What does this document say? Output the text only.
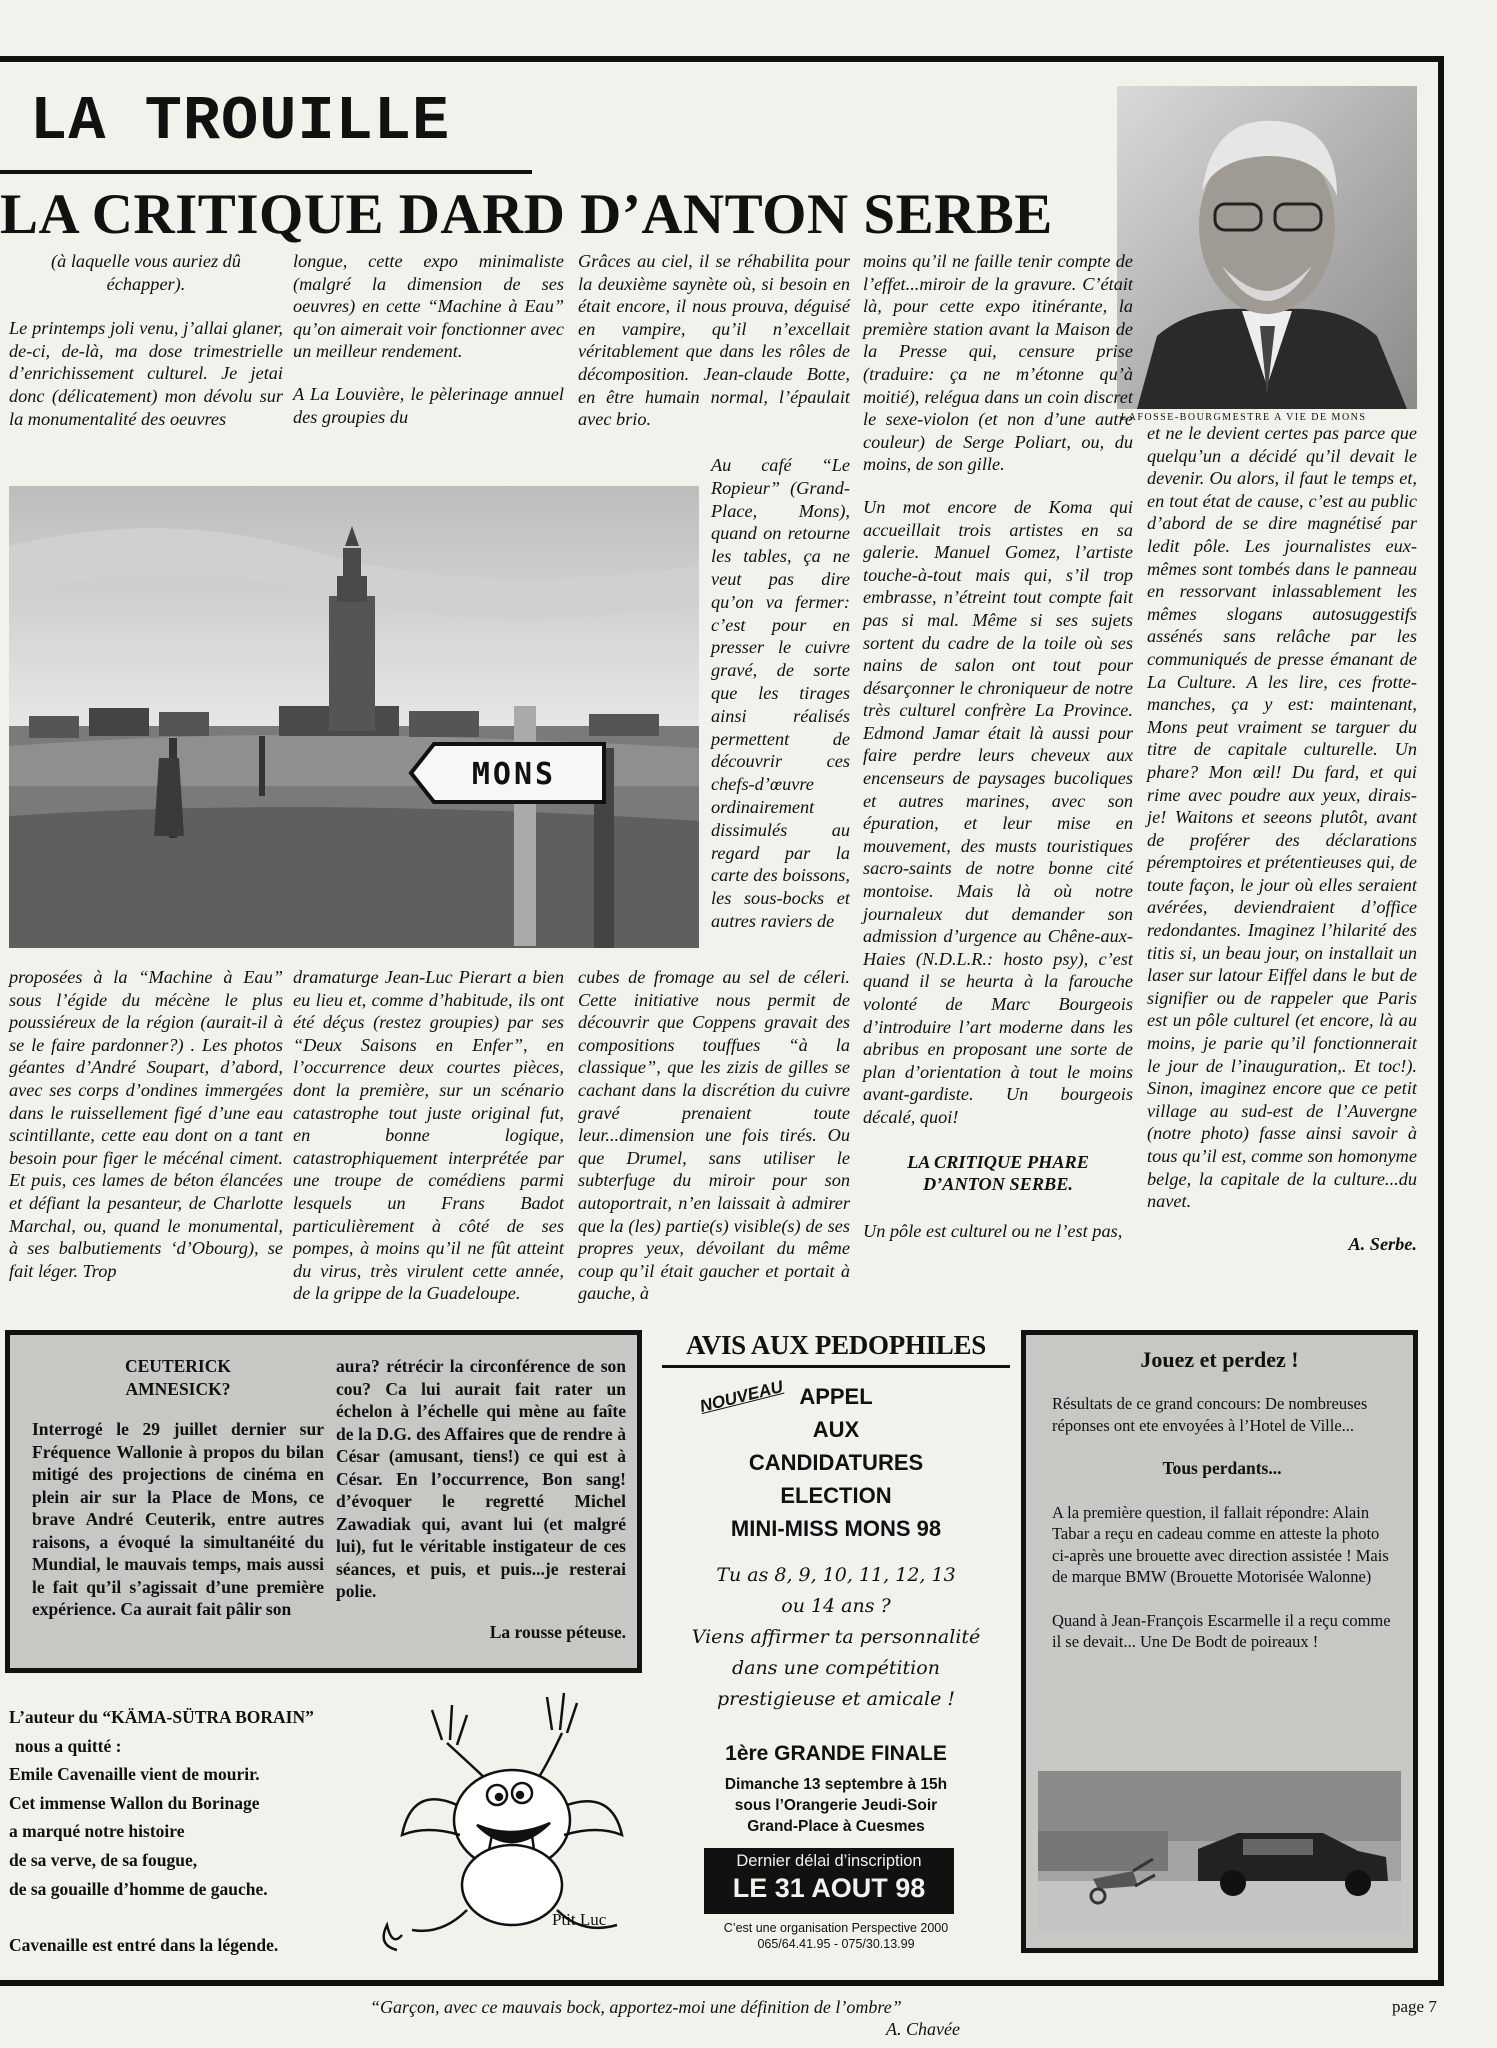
LA TROUILLE
LA CRITIQUE DARD D’ANTON SERBE
LAFOSSE-BOURGMESTRE A VIE DE MONS

(à laquelle vous auriez dû échapper).

Le printemps joli venu, j’allai glaner, de-ci, de-là, ma dose trimestrielle d’enrichissement culturel. Je jetai donc (délicatement) mon dévolu sur la monumentalité des oeuvres

longue, cette expo minimaliste (malgré la dimension de ses oeuvres) en cette “Machine à Eau” qu’on aimerait voir fonctionner avec un meilleur rendement.

A La Louvière, le pèlerinage annuel des groupies du

Grâces au ciel, il se réhabilita pour la deuxième saynète où, si besoin en était encore, il nous prouva, déguisé en vampire, qu’il n’excellait véritablement que dans les rôles de décomposition. Jean-claude Botte, en être humain normal, l’épaulait avec brio.

Au café “Le Ropieur” (Grand-Place, Mons), quand on retourne les tables, ça ne veut pas dire qu’on va fermer: c’est pour en presser le cuivre gravé, de sorte que les tirages ainsi réalisés permettent de découvrir ces chefs-d’œuvre ordinairement dissimulés au regard par la carte des boissons, les sous-bocks et autres raviers de

moins qu’il ne faille tenir compte de l’effet...miroir de la gravure. C’était là, pour cette expo itinérante, la première station avant la Maison de la Presse qui, censure prise (traduire: ça ne m’étonne qu’à moitié), relégua dans un coin discret le sexe-violon (et non d’une autre couleur) de Serge Poliart, ou, du moins, de son gille.

Un mot encore de Koma qui accueillait trois artistes en sa galerie. Manuel Gomez, l’artiste touche-à-tout mais qui, s’il trop embrasse, n’étreint tout compte fait pas si mal. Même si ses sujets sortent du cadre de la toile où ses nains de salon ont tout pour désarçonner le chroniqueur de notre très culturel confrère La Province. Edmond Jamar était là aussi pour faire perdre leurs cheveux aux encenseurs de paysages bucoliques et autres marines, avec son épuration, et leur mise en mouvement, des musts touristiques sacro-saints de notre bonne cité montoise. Mais là où notre journaleux dut demander son admission d’urgence au Chêne-aux-Haies (N.D.L.R.: hosto psy), c’est quand il se heurta à la farouche volonté de Marc Bourgeois d’introduire l’art moderne dans les abribus en proposant une sorte de plan d’orientation à tout le moins avant-gardiste. Un bourgeois décalé, quoi!

LA CRITIQUE PHARE D’ANTON SERBE.

Un pôle est culturel ou ne l’est pas,

et ne le devient certes pas parce que quelqu’un a décidé qu’il devait le devenir. Ou alors, il faut le temps et, en tout état de cause, c’est au public d’abord de se dire magnétisé par ledit pôle. Les journalistes eux-mêmes sont tombés dans le panneau en ressorvant inlassablement les mêmes slogans autosuggestifs assénés sans relâche par les communiqués de presse émanant de La Culture. A les lire, ces frotte-manches, ça y est: maintenant, Mons peut vraiment se targuer du titre de capitale culturelle. Un phare? Mon œil! Du fard, et qui rime avec poudre aux yeux, dirais-je! Waitons et seeons plutôt, avant de proférer des déclarations péremptoires et prétentieuses qui, de toute façon, le jour où elles seraient avérées, deviendraient d’office redondantes. Imaginez l’hilarité des titis si, un beau jour, on installait un laser sur latour Eiffel dans le but de signifier ou de rappeler que Paris est un pôle culturel (et encore, là au moins, je parie qu’il fonctionnerait le jour de l’inauguration,. Et toc!). Sinon, imaginez encore que ce petit village au sud-est de l’Auvergne (notre photo) fasse ainsi savoir à tous qu’il est, comme son homonyme belge, la capitale de la culture...du navet.

A. Serbe.

MONS

proposées à la “Machine à Eau” sous l’égide du mécène le plus poussiéreux de la région (aurait-il à se le faire pardonner?) . Les photos géantes d’André Soupart, d’abord, avec ses corps d’ondines immergées dans le ruissellement figé d’une eau scintillante, cette eau dont on a tant besoin pour figer le mécénal ciment. Et puis, ces lames de béton élancées et défiant la pesanteur, de Charlotte Marchal, ou, quand le monumental, à ses balbutiements ‘d’Obourg), se fait léger. Trop

dramaturge Jean-Luc Pierart a bien eu lieu et, comme d’habitude, ils ont été déçus (restez groupies) par ses “Deux Saisons en Enfer”, en l’occurrence deux courtes pièces, dont la première, sur un scénario catastrophe tout juste original fut, en bonne logique, catastrophiquement interprétée par une troupe de comédiens parmi lesquels un Frans Badot particulièrement à côté de ses pompes, à moins qu’il ne fût atteint du virus, très virulent cette année, de la grippe de la Guadeloupe.

cubes de fromage au sel de céleri. Cette initiative nous permit de découvrir que Coppens gravait des compositions touffues “à la classique”, que les zizis de gilles se cachant dans la discrétion du cuivre gravé prenaient toute leur...dimension une fois tirés. Ou que Drumel, sans utiliser le subterfuge du miroir pour son autoportrait, n’en laissait à admirer que la (les) partie(s) visible(s) de ses propres yeux, dévoilant du même coup qu’il était gaucher et portait à gauche, à

CEUTERICK AMNESICK?

Interrogé le 29 juillet dernier sur Fréquence Wallonie à propos du bilan mitigé des projections de cinéma en plein air sur la Place de Mons, ce brave André Ceuterik, entre autres raisons, a évoqué la simultanéité du Mundial, le mauvais temps, mais aussi le fait qu’il s’agissait d’une première expérience. Ca aurait fait pâlir son

aura? rétrécir la circonférence de son cou? Ca lui aurait fait rater un échelon à l’échelle qui mène au faîte de la D.G. des Affaires que de rendre à César (amusant, tiens!) ce qui est à César. En l’occurrence, Bon sang! d’évoquer le regretté Michel Zawadiak qui, avant lui (et malgré lui), fut le véritable instigateur de ces séances, et puis, et puis...je resterai polie.

La rousse péteuse.

L’auteur du “KÄMA-SÜTRA BORAIN”
nous a quitté :
Emile Cavenaille vient de mourir.
Cet immense Wallon du Borinage
a marqué notre histoire
de sa verve, de sa fougue,
de sa gouaille d’homme de gauche.
Cavenaille est entré dans la légende.
Ptit Luc
AVIS AUX PEDOPHILES
NOUVEAU APPEL
AUX
CANDIDATURES
ELECTION
MINI-MISS MONS 98
Tu as 8, 9, 10, 11, 12, 13
ou 14 ans ?
Viens affirmer ta personnalité
dans une compétition
prestigieuse et amicale !
1ère GRANDE FINALE
Dimanche 13 septembre à 15h
sous l’Orangerie Jeudi-Soir
Grand-Place à Cuesmes
Dernier délai d’inscription
LE 31 AOUT 98
C’est une organisation Perspective 2000
065/64.41.95 - 075/30.13.99
Jouez et perdez !

Résultats de ce grand concours: De nombreuses réponses ont ete envoyées à l’Hotel de Ville...

Tous perdants...

A la première question, il fallait répondre: Alain Tabar a reçu en cadeau comme en atteste la photo ci-après une brouette avec direction assistée ! Mais de marque BMW (Brouette Motorisée Walonne)

Quand à Jean-François Escarmelle il a reçu comme il se devait... Une De Bodt de poireaux !

“Garçon, avec ce mauvais bock, apportez-moi une définition de l’ombre”
A. Chavée
page 7
